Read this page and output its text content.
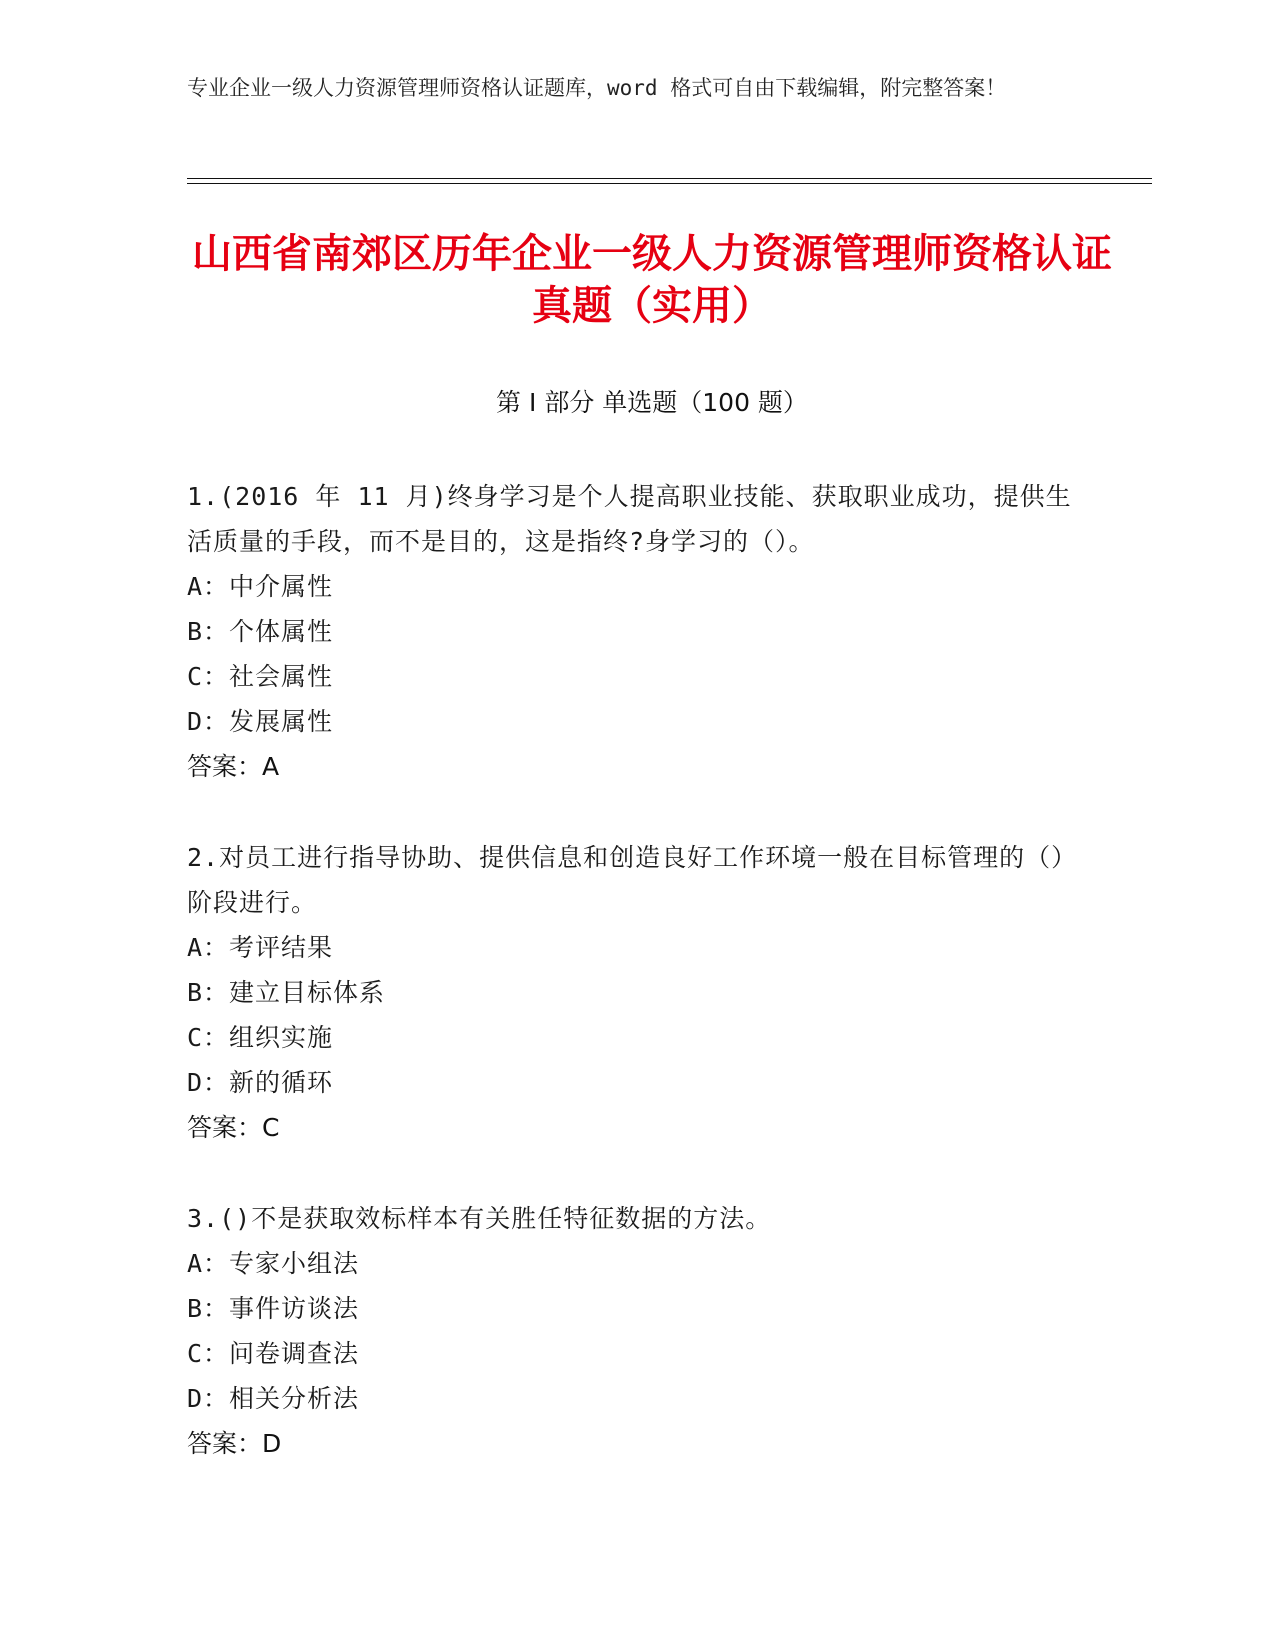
专业企业一级人力资源管理师资格认证题库，word 格式可自由下载编辑，附完整答案！
山西省南郊区历年企业一级人力资源管理师资格认证真题（实用）
第 I 部分 单选题（100 题）
1.(2016 年 11 月)终身学习是个人提高职业技能、获取职业成功，提供生活质量的手段，而不是目的，这是指终?身学习的（）。
A：中介属性
B：个体属性
C：社会属性
D：发展属性
答案：A
2.对员工进行指导协助、提供信息和创造良好工作环境一般在目标管理的（）阶段进行。
A：考评结果
B：建立目标体系
C：组织实施
D：新的循环
答案：C
3.()不是获取效标样本有关胜任特征数据的方法。
A：专家小组法
B：事件访谈法
C：问卷调查法
D：相关分析法
答案：D
